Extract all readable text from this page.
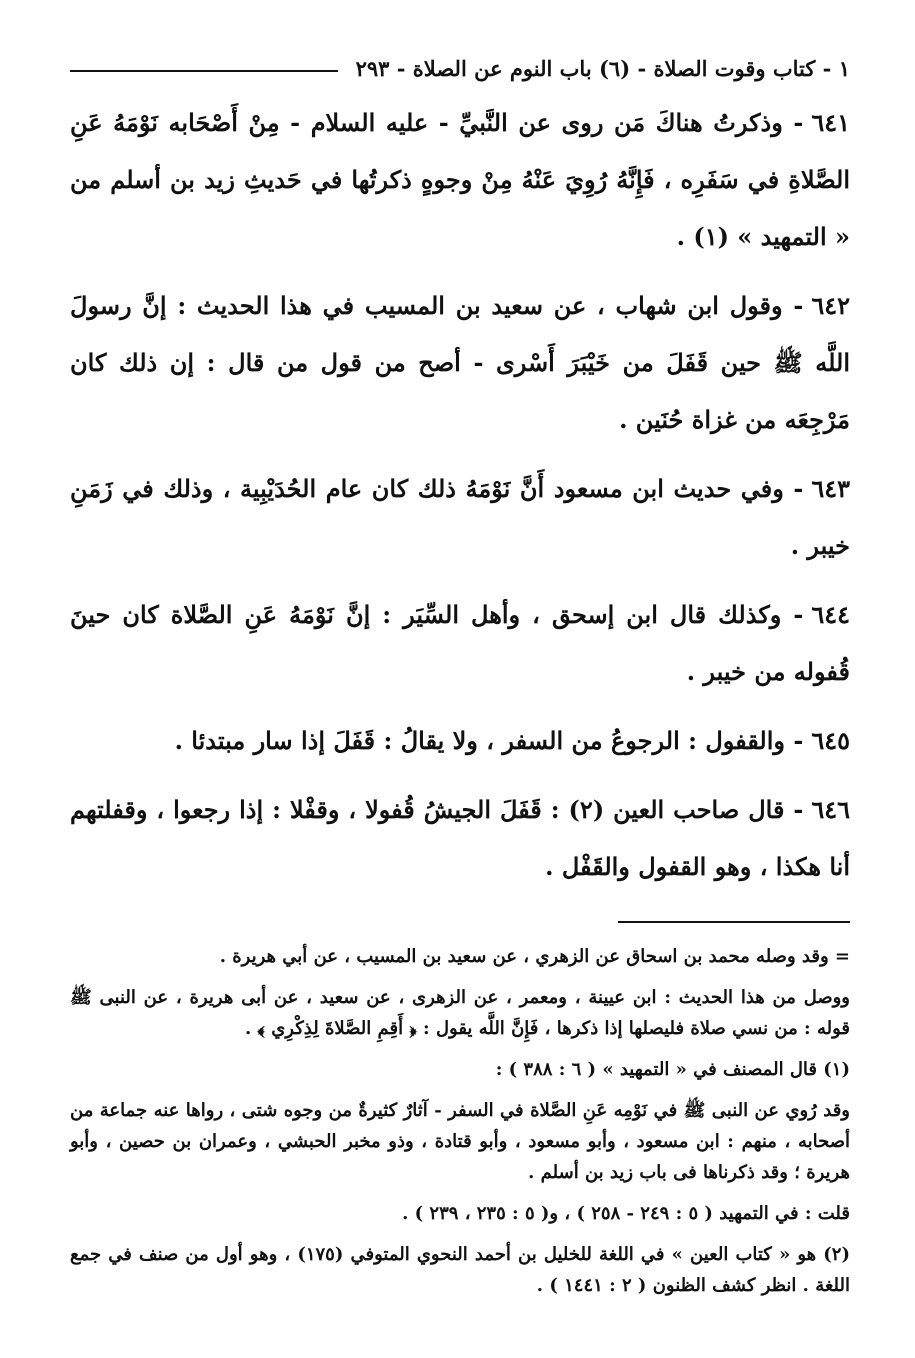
١ - كتاب وقوت الصلاة - (٦) باب النوم عن الصلاة - ٢٩٣

٦٤١- وذكرتُ هناكَ مَن روى عن النَّبيِّ - عليه السلام - مِنْ أَصْحَابه نَوْمَهُ عَنِ الصَّلاةِ في سَفَرِه ، فَإِنَّهُ رُوِيَ عَنْهُ مِنْ وجوهٍ ذكرتُها في حَديثِ زيد بن أسلم من « التمهيد » (١) .

٦٤٢- وقول ابن شهاب ، عن سعيد بن المسيب في هذا الحديث : إنَّ رسولَ اللَّه ﷺ حين قَفَلَ من خَيْبَرَ أَسْرى - أصح من قول من قال : إن ذلك كان مَرْجِعَه من غزاة حُنَين .

٦٤٣- وفي حديث ابن مسعود أَنَّ نَوْمَهُ ذلك كان عام الحُدَيْبِية ، وذلك في زَمَنِ خيبر .

٦٤٤- وكذلك قال ابن إسحق ، وأهل السِّيَر : إنَّ نَوْمَهُ عَنِ الصَّلاة كان حينَ قُفوله من خيبر .

٦٤٥- والقفول : الرجوعُ من السفر ، ولا يقالُ : قَفَلَ إذا سار مبتدئا .

٦٤٦- قال صاحب العين (٢) : قَفَلَ الجيشُ قُفولا ، وقفْلا : إذا رجعوا ، وقفلتهم أنا هكذا ، وهو القفول والقَفْل .

= وقد وصله محمد بن اسحاق عن الزهري ، عن سعيد بن المسيب ، عن أبي هريرة .

ووصل من هذا الحديث : ابن عيينة ، ومعمر ، عن الزهرى ، عن سعيد ، عن أبى هريرة ، عن النبى ﷺ قوله : من نسي صلاة فليصلها إذا ذكرها ، فَإِنَّ اللَّه يقول : ﴿ أَقِمِ الصَّلاةَ لِذِكْرِي ﴾ .

(١) قال المصنف في « التمهيد » ( ٦ : ٣٨٨ ) :

وقد رُوي عن النبى ﷺ في نَوْمِه عَنِ الصَّلاة في السفر - آثارٌ كثيرةٌ من وجوه شتى ، رواها عنه جماعة من أصحابه ، منهم : ابن مسعود ، وأبو مسعود ، وأبو قتادة ، وذو مخبر الحبشي ، وعمران بن حصين ، وأبو هريرة ؛ وقد ذكرناها فى باب زيد بن أسلم .

قلت : في التمهيد ( ٥ : ٢٤٩ - ٢٥٨ ) ، و( ٥ : ٢٣٥ ، ٢٣٩ ) .

(٢) هو « كتاب العين » في اللغة للخليل بن أحمد النحوي المتوفي (١٧٥) ، وهو أول من صنف في جمع اللغة . انظر كشف الظنون ( ٢ : ١٤٤١ ) .
